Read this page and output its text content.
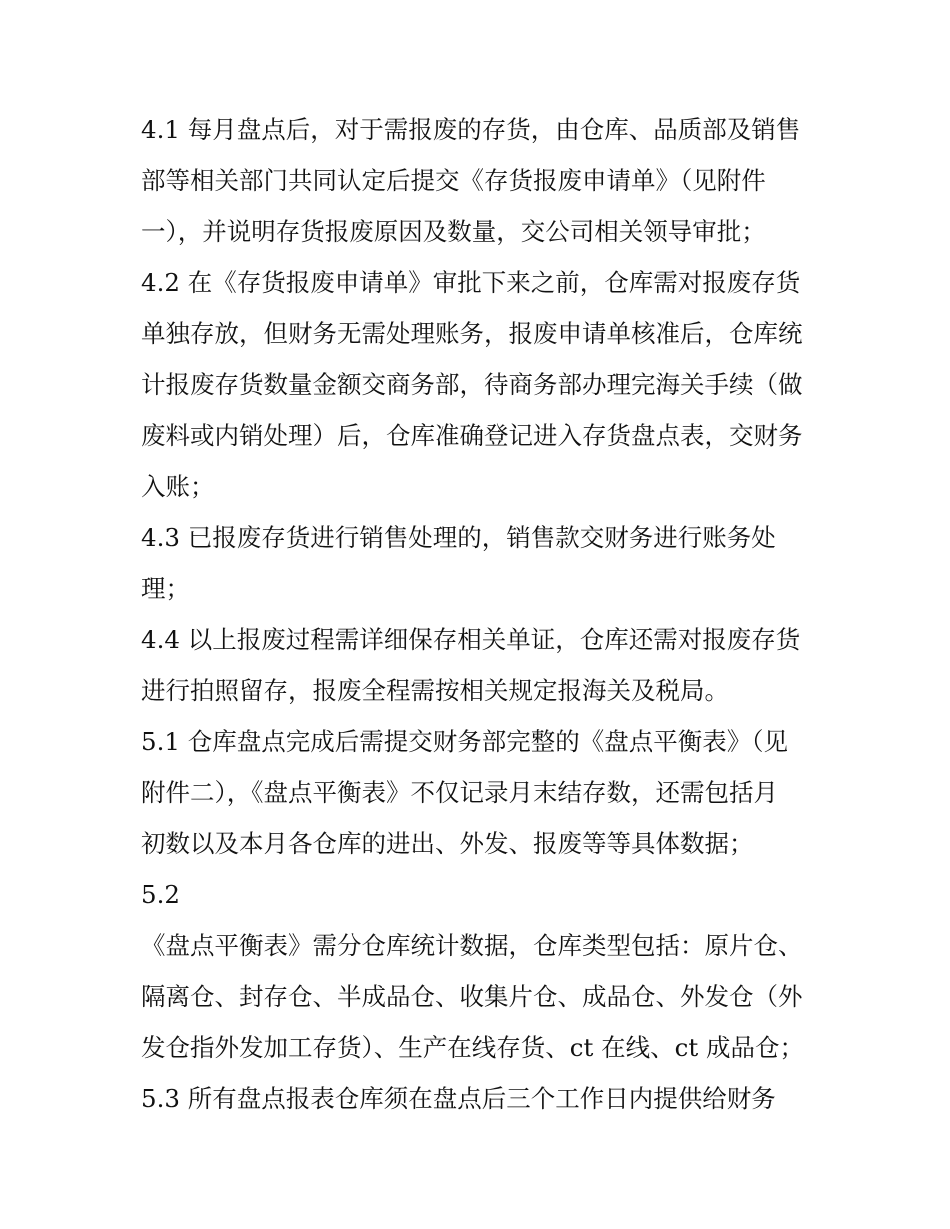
4.1 每月盘点后，对于需报废的存货，由仓库、品质部及销售
部等相关部门共同认定后提交《存货报废申请单》（见附件
一），并说明存货报废原因及数量，交公司相关领导审批；
4.2 在《存货报废申请单》审批下来之前，仓库需对报废存货
单独存放，但财务无需处理账务，报废申请单核准后，仓库统
计报废存货数量金额交商务部，待商务部办理完海关手续（做
废料或内销处理）后，仓库准确登记进入存货盘点表，交财务
入账；
4.3 已报废存货进行销售处理的，销售款交财务进行账务处
理；
4.4 以上报废过程需详细保存相关单证，仓库还需对报废存货
进行拍照留存，报废全程需按相关规定报海关及税局。
5.1 仓库盘点完成后需提交财务部完整的《盘点平衡表》（见
附件二），《盘点平衡表》不仅记录月末结存数，还需包括月
初数以及本月各仓库的进出、外发、报废等等具体数据；
5.2
《盘点平衡表》需分仓库统计数据，仓库类型包括：原片仓、
隔离仓、封存仓、半成品仓、收集片仓、成品仓、外发仓（外
发仓指外发加工存货）、生产在线存货、ct 在线、ct 成品仓；
5.3 所有盘点报表仓库须在盘点后三个工作日内提供给财务
